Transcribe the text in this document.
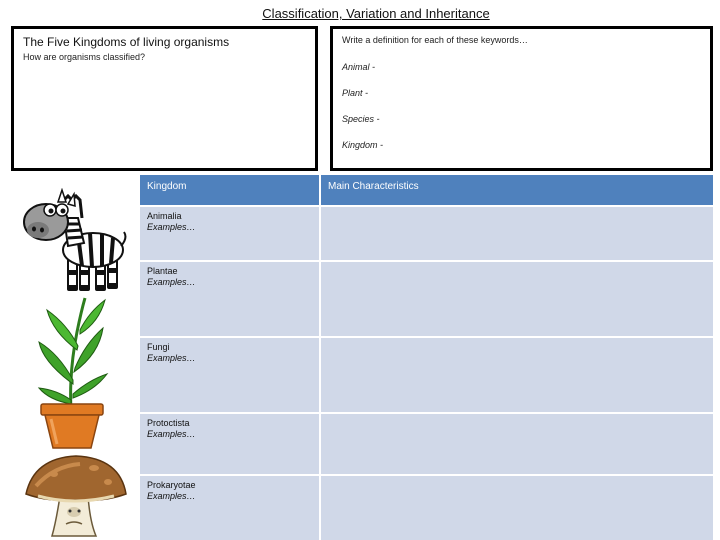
Classification, Variation and Inheritance
The Five Kingdoms of living organisms
How are organisms classified?
Write a definition for each of these keywords…
Animal -
Plant -
Species -
Kingdom -
Kingdom	Main Characteristics
Animalia
Examples…
Plantae
Examples…
Fungi
Examples…
Protoctista
Examples…
Prokaryotae
Examples…
